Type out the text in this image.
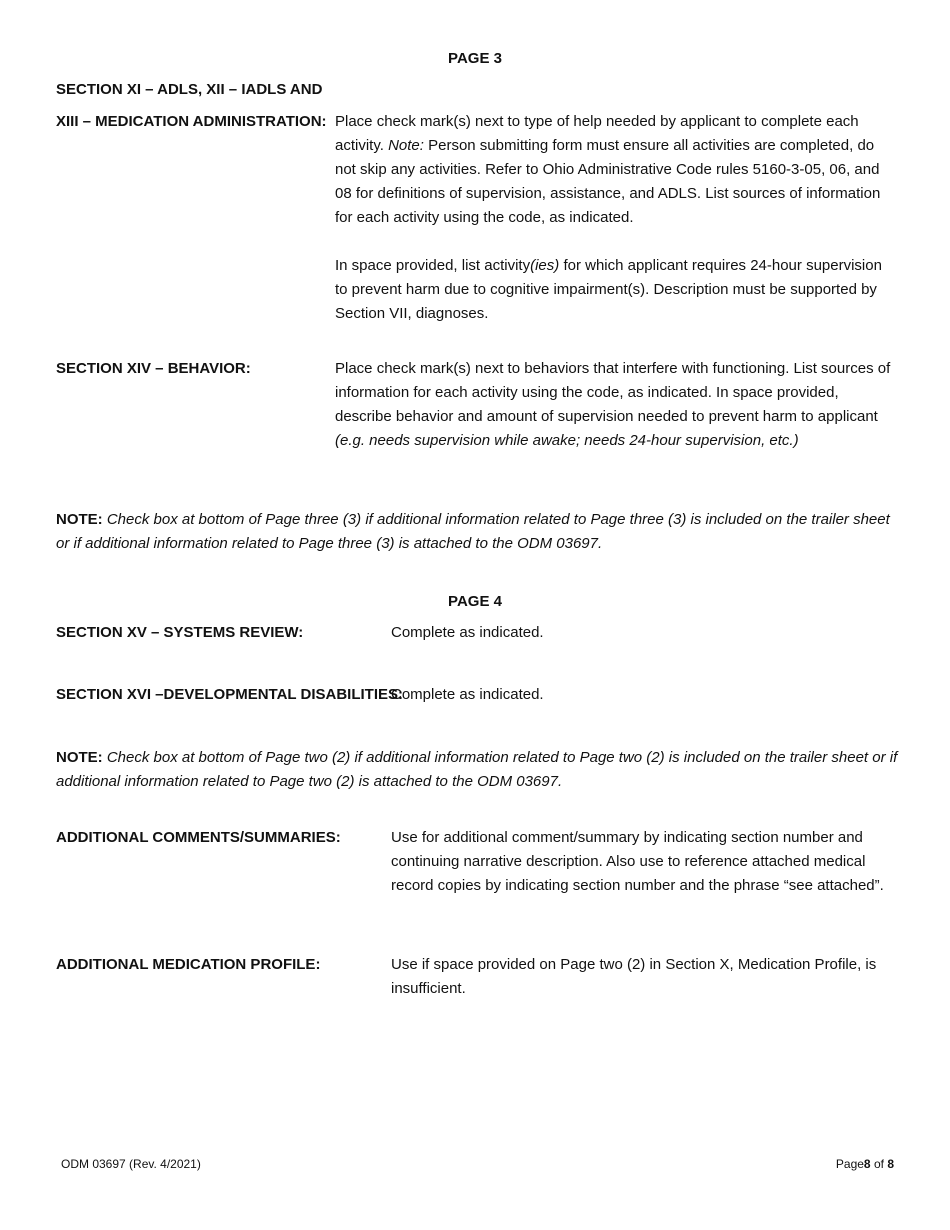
PAGE 3
SECTION XI – ADLS, XII – IADLS AND
XIII – MEDICATION ADMINISTRATION: Place check mark(s) next to type of help needed by applicant to complete each activity. Note: Person submitting form must ensure all activities are completed, do not skip any activities. Refer to Ohio Administrative Code rules 5160-3-05, 06, and 08 for definitions of supervision, assistance, and ADLS. List sources of information for each activity using the code, as indicated.

In space provided, list activity(ies) for which applicant requires 24-hour supervision to prevent harm due to cognitive impairment(s). Description must be supported by Section VII, diagnoses.

SECTION XIV – BEHAVIOR:	Place check mark(s) next to behaviors that interfere with functioning. List sources of information for each activity using the code, as indicated. In space provided, describe behavior and amount of supervision needed to prevent harm to applicant (e.g. needs supervision while awake; needs 24-hour supervision, etc.)

NOTE: Check box at bottom of Page three (3) if additional information related to Page three (3) is included on the trailer sheet or if additional information related to Page three (3) is attached to the ODM 03697.

PAGE 4
SECTION XV – SYSTEMS REVIEW:	Complete as indicated.
SECTION XVI –DEVELOPMENTAL DISABILITIES:
Complete as indicated.

NOTE: Check box at bottom of Page two (2) if additional information related to Page two (2) is included on the trailer sheet or if additional information related to Page two (2) is attached to the ODM 03697.

ADDITIONAL COMMENTS/SUMMARIES:	Use for additional comment/summary by indicating section number and continuing narrative description. Also use to reference attached medical record copies by indicating section number and the phrase “see attached”.

ADDITIONAL MEDICATION PROFILE:	Use if space provided on Page two (2) in Section X, Medication Profile, is insufficient.

ODM 03697 (Rev. 4/2021)	Page8 of 8
